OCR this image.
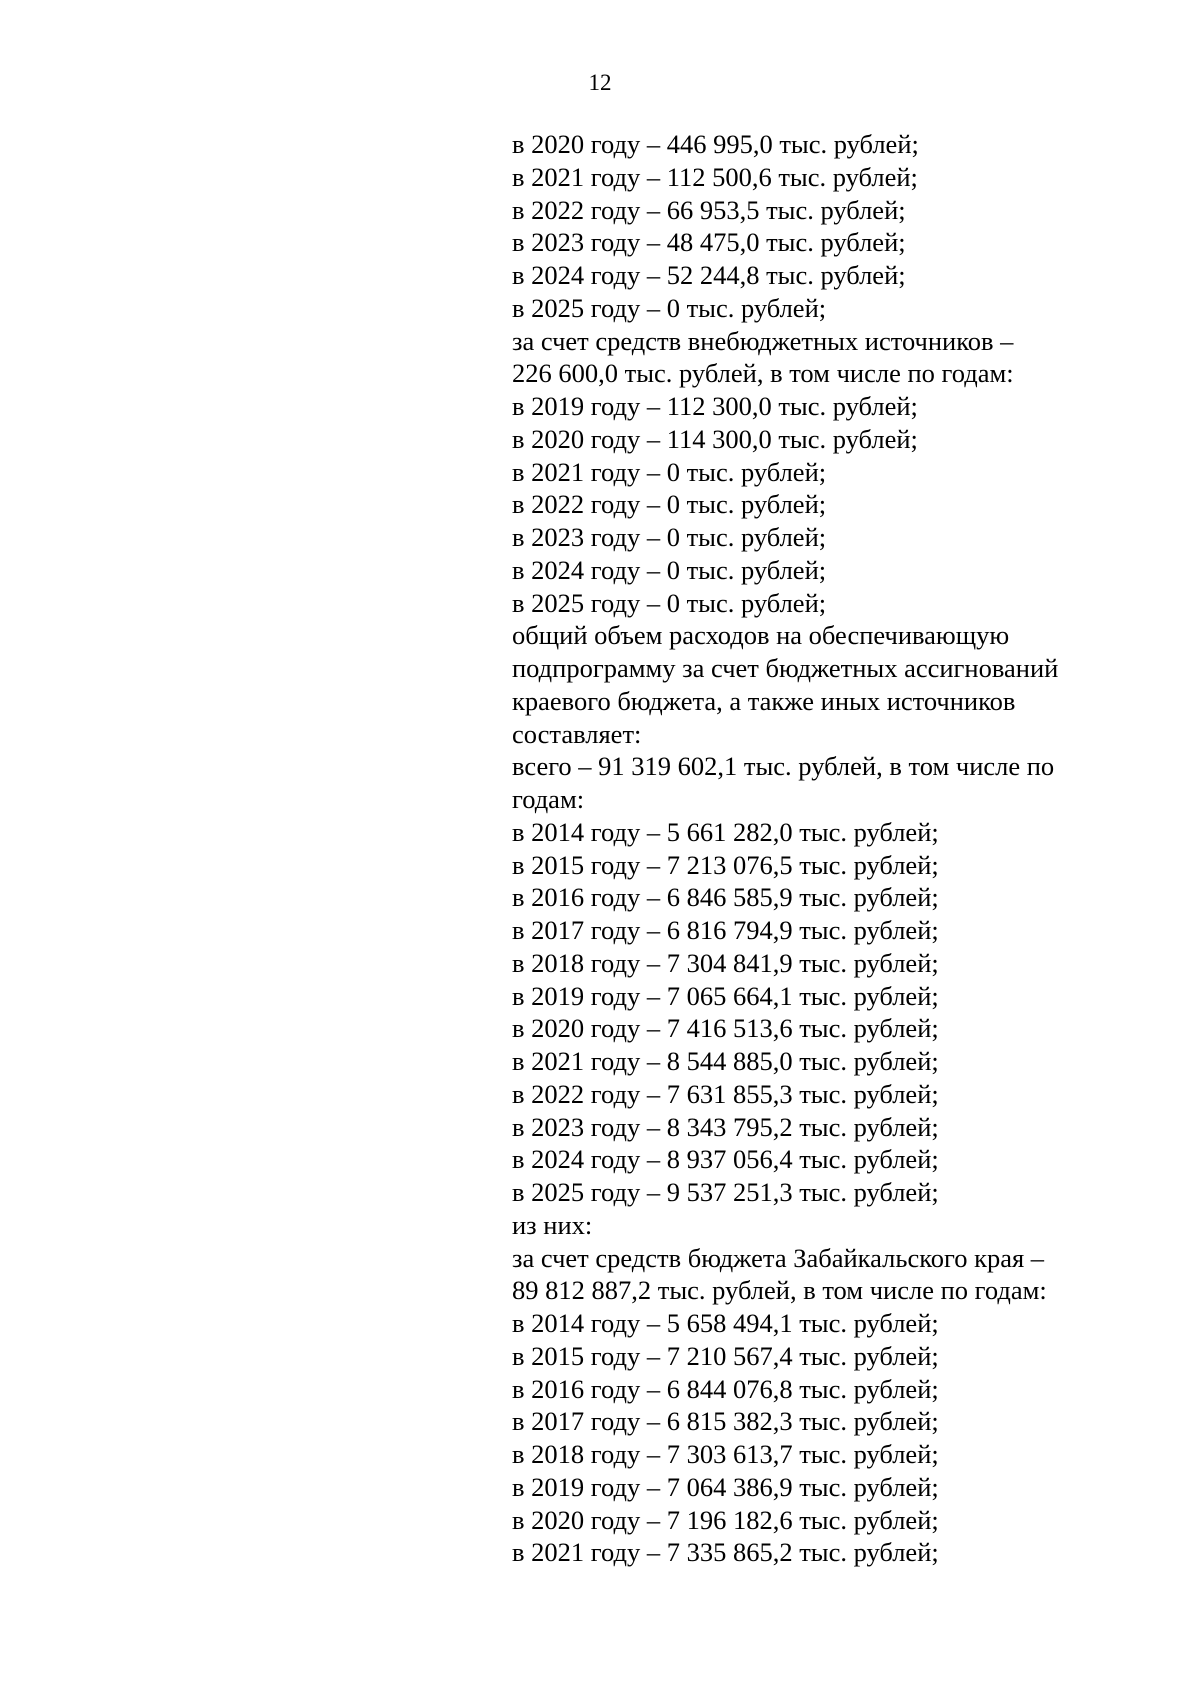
12
в 2020 году – 446 995,0 тыс. рублей;
в 2021 году – 112 500,6 тыс. рублей;
в 2022 году – 66 953,5 тыс. рублей;
в 2023 году – 48 475,0 тыс. рублей;
в 2024 году – 52 244,8 тыс. рублей;
в 2025 году – 0 тыс. рублей;
за счет средств внебюджетных источников –
226 600,0 тыс. рублей, в том числе по годам:
в 2019 году – 112 300,0 тыс. рублей;
в 2020 году – 114 300,0 тыс. рублей;
в 2021 году – 0 тыс. рублей;
в 2022 году – 0 тыс. рублей;
в 2023 году – 0 тыс. рублей;
в 2024 году – 0 тыс. рублей;
в 2025 году – 0 тыс. рублей;
общий объем расходов на обеспечивающую
подпрограмму за счет бюджетных ассигнований
краевого бюджета, а также иных источников
составляет:
всего – 91 319 602,1 тыс. рублей, в том числе по
годам:
в 2014 году – 5 661 282,0 тыс. рублей;
в 2015 году – 7 213 076,5 тыс. рублей;
в 2016 году – 6 846 585,9 тыс. рублей;
в 2017 году – 6 816 794,9 тыс. рублей;
в 2018 году – 7 304 841,9 тыс. рублей;
в 2019 году – 7 065 664,1 тыс. рублей;
в 2020 году – 7 416 513,6 тыс. рублей;
в 2021 году – 8 544 885,0 тыс. рублей;
в 2022 году – 7 631 855,3 тыс. рублей;
в 2023 году – 8 343 795,2 тыс. рублей;
в 2024 году – 8 937 056,4 тыс. рублей;
в 2025 году – 9 537 251,3 тыс. рублей;
из них:
за счет средств бюджета Забайкальского края –
89 812 887,2 тыс. рублей, в том числе по годам:
в 2014 году – 5 658 494,1 тыс. рублей;
в 2015 году – 7 210 567,4 тыс. рублей;
в 2016 году – 6 844 076,8 тыс. рублей;
в 2017 году – 6 815 382,3 тыс. рублей;
в 2018 году – 7 303 613,7 тыс. рублей;
в 2019 году – 7 064 386,9 тыс. рублей;
в 2020 году – 7 196 182,6 тыс. рублей;
в 2021 году – 7 335 865,2 тыс. рублей;
